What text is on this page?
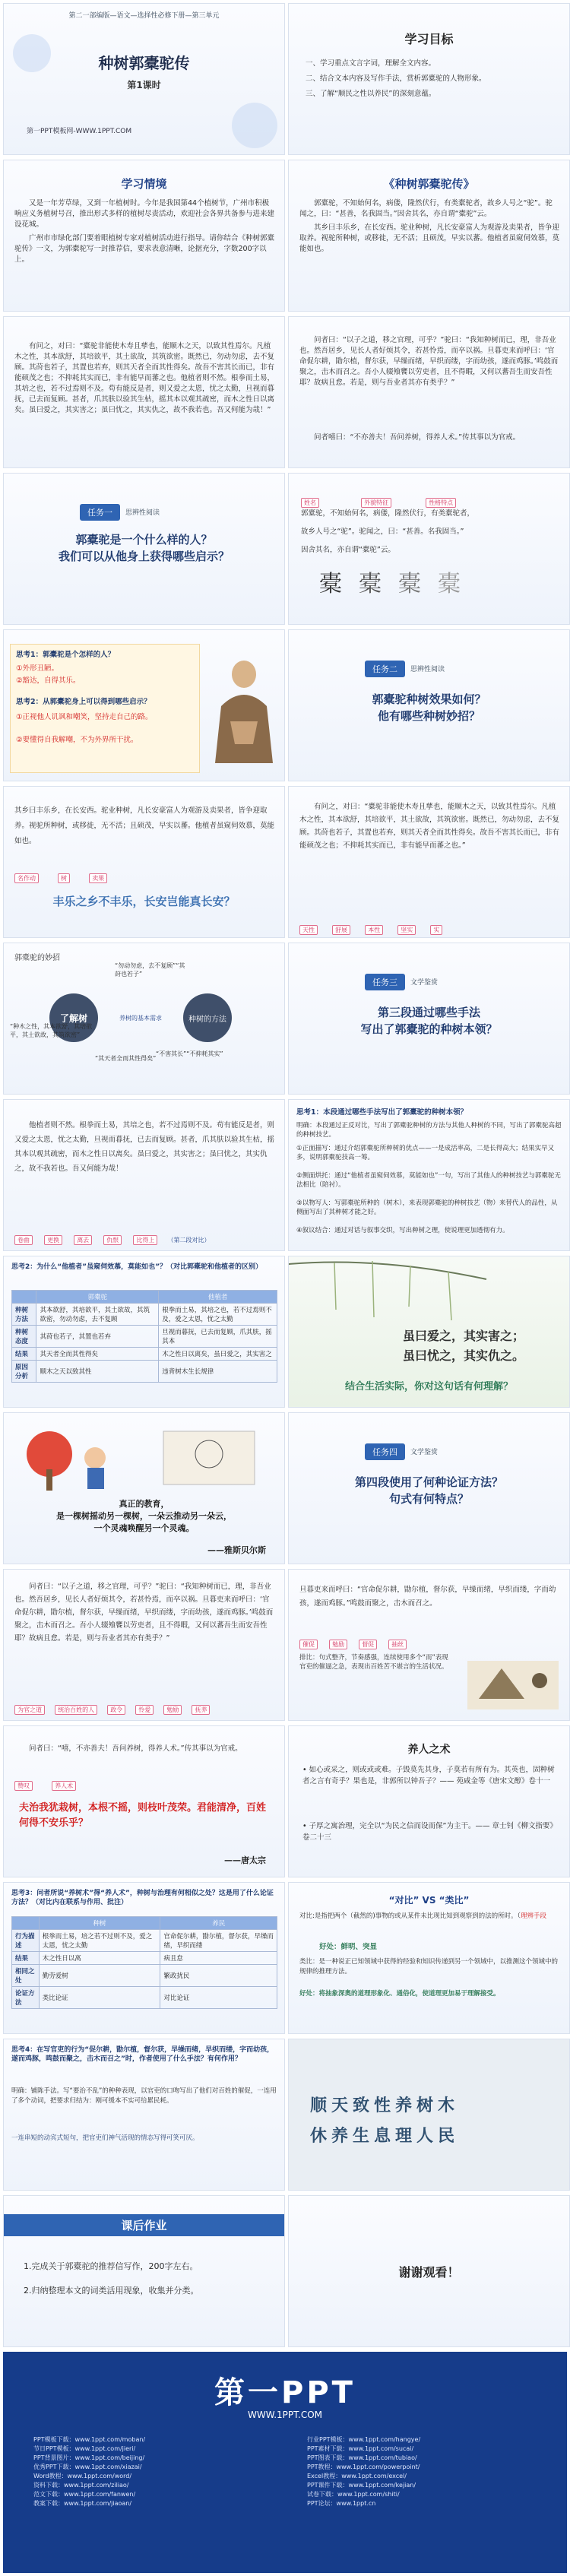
第二一部编版—语文—选择性必修下册—第三单元
种树郭橐驼传
第1课时
第一PPT模板网-WWW.1PPT.COM
学习目标
一、学习重点文言字词，理解全文内容。
二、结合文本内容及写作手法，赏析郭橐驼的人物形象。
三、了解“顺民之性以养民”的深刻意蕴。
学习情境
又是一年芳草绿，又到一年植树时。今年是我国第44个植树节，广州市积极响应义务植树号召，推出形式多样的植树尽责活动，欢迎社会各界共备参与进来建设花城。
广州市市绿化部门要着眼植树专家对植树活动进行指导。请你结合《种树郭橐驼传》一文，为郭橐驼写一封推荐信，要求表意清晰，论据充分，字数200字以上。
《种树郭橐驼传》
郭橐驼，不知始何名，病偻，隆然伏行，有类橐驼者，故乡人号之“驼”。驼闻之，曰：“甚善，名我固当。”因舍其名，亦自谓“橐驼”云。
其乡曰丰乐乡，在长安西。驼业种树，凡长安豪富人为观游及卖果者，皆争迎取养。视驼所种树，或移徙，无不活；且硕茂，早实以蕃。他植者虽窥伺效慕，莫能如也。
有问之，对曰：“橐驼非能使木寿且孳也，能顺木之天，以致其性焉尔。凡植木之性，其本欲舒，其培欲平，其土欲故，其筑欲密。既然已，勿动勿虑，去不复顾。其莳也若子，其置也若弃，则其天者全而其性得矣。故吾不害其长而已，非有能硕茂之也；不抑耗其实而已，非有能早而蕃之也。他植者则不然。根拳而土易，其培之也，若不过焉则不及。苟有能反是者，则又爱之太恩，忧之太勤，旦视而暮抚，已去而复顾。甚者，爪其肤以验其生枯，摇其本以观其疏密，而木之性日以离矣。虽曰爱之，其实害之；虽曰忧之，其实仇之，故不我若也。吾又何能为哉！”
问者曰：“以子之道，移之官理，可乎？”驼曰：“我知种树而已，理，非吾业也。然吾居乡，见长人者好烦其令，若甚怜焉，而卒以祸。旦暮吏来而呼曰：‘官命促尔耕，勖尔植，督尔获，早缲而绪，早织而缕，字而幼孩，遂而鸡豚。’鸣鼓而聚之，击木而召之。吾小人辍飧饔以劳吏者，且不得暇，又何以蕃吾生而安吾性耶？故病且怠。若是，则与吾业者其亦有类乎？”
问者嘻曰：“不亦善夫！吾问养树，得养人术。”传其事以为官戒。
任务一	思辨性阅读
郭橐驼是一个什么样的人？
我们可以从他身上获得哪些启示？
姓名	外貌特征	性格特点
郭橐驼，不知始何名，病偻，隆然伏行，有类橐驼者，
故乡人号之“驼”。驼闻之，曰：“甚善。名我固当。”
因舍其名，亦自谓“橐驼”云。
橐 橐 橐 橐
思考1：郭橐驼是个怎样的人？
①外形丑陋。
②豁达，自得其乐。
思考2：从郭橐驼身上可以得到哪些启示？
①正视他人讥讽和嘲笑，坚持走自己的路。
②要懂得自我解嘲，不为外界所干扰。
任务二	思辨性阅读
郭橐驼种树效果如何？
他有哪些种树妙招？
其乡曰丰乐乡，在长安西。驼业种树，凡长安豪富人为观游及卖果者，皆争迎取养。视驼所种树，或移徙，无不活；且硕茂，早实以蕃。他植者虽窥伺效慕，莫能如也。
名作动	树	卖果
丰乐之乡不丰乐，长安岂能真长安？
有问之，对曰：“橐驼非能使木寿且孳也，能顺木之天，以致其性焉尔。凡植木之性，其本欲舒，其培欲平，其土欲故，其筑欲密。既然已，勿动勿虑，去不复顾。其莳也若子，其置也若弃，则其天者全而其性得矣。故吾不害其长而已，非有能硕茂之也；不抑耗其实而已，非有能早而蕃之也。”
天性	舒展	本性	坚实	实
郭橐驼的妙招
了解树	种树的方法
“种木之性，其本欲舒，其培欲平，其土欲故，其筑欲密”
“勿动勿虑，去不复顾”“其莳也若子”
养树的基本需求
“不害其长”“不抑耗其实”
“其天者全而其性得矣”
任务三	文学鉴赏
第三段通过哪些手法
写出了郭橐驼的种树本领？
他植者则不然。根拳而土易，其培之也，若不过焉则不及。苟有能反是者，则又爱之太恩，忧之太勤，旦视而暮抚，已去而复顾。甚者，爪其肤以验其生枯，摇其本以观其疏密，而木之性日以离矣。虽曰爱之，其实害之；虽曰忧之，其实仇之，故不我若也。吾又何能为哉！
卷曲	更换	离去	仇恨	比得上 （第二段对比）
思考1：本段通过哪些手法写出了郭橐驼的种树本领？
明确：本段通过正反对比，写出了郭橐驼种树的方法与其他人种树的不同，写出了郭橐驼高超的种树技艺。
①正面描写：通过介绍郭橐驼所种树的优点——一是成活率高，二是长得高大；结果实早又多，说明郭橐驼技高一筹。
②侧面烘托：通过“他植者虽窥伺效慕，莫能如也”一句，写出了其他人的种树技艺与郭橐驼无法相比（陪衬）。
③以物写人：写郭橐驼所种的（树木），来表现郭橐驼的种树技艺（物）来替代人的品性，从侧面写出了其种树才能之好。
④叙议结合：通过对话与叙事交织，写出种树之理，使说理更加透彻有力。
思考2：为什么“他植者”虽窥伺效慕，莫能如也”？（对比郭橐驼和他植者的区别）
	郭橐驼	他植者
种树方法	其本欲舒，其培欲平，其土欲故，其筑欲密，勿动勿虑，去不复顾	根拳而土易，其培之也，若不过焉则不及，爱之太恩，忧之太勤
种树态度	其莳也若子，其置也若弃	旦视而暮抚，已去而复顾，爪其肤，摇其本
结果	其天者全而其性得矣	木之性日以离矣，虽曰爱之，其实害之
原因分析	顺木之天以致其性	违背树木生长规律
虽曰爱之，其实害之；
虽曰忧之，其实仇之。
结合生活实际，你对这句话有何理解？
真正的教育，
是一棵树摇动另一棵树，一朵云推动另一朵云，
一个灵魂唤醒另一个灵魂。
——雅斯贝尔斯
任务四	文学鉴赏
第四段使用了何种论证方法？
句式有何特点？
问者曰：“以子之道，移之官理，可乎？”驼曰：“我知种树而已，理，非吾业也。然吾居乡，见长人者好烦其令，若甚怜焉，而卒以祸。旦暮吏来而呼曰：‘官命促尔耕，勖尔植，督尔获，早缲而绪，早织而缕，字而幼孩，遂而鸡豚。’鸣鼓而聚之，击木而召之。吾小人辍飧饔以劳吏者，且不得暇，又何以蕃吾生而安吾性耶？故病且怠。若是，则与吾业者其亦有类乎？”
为官之道	统治百姓的人	政令	怜爱	勉励	抚养
旦暮吏来而呼曰：“官命促尔耕，勖尔植，督尔获，早缲而绪，早织而缕，字而幼孩，遂而鸡豚。”鸣鼓而聚之，击木而召之。
催促	勉励	督促	抽丝
排比：句式整齐，节奏感强，连续使用多个“而”表现官吏的催逼之急，表现出百姓苦不堪言的生活状况。
问者曰：“嘻，不亦善夫！吾问养树，得养人术。”传其事以为官戒。
赞叹	养人术
夫治我犹栽树，本根不摇，则枝叶茂荣。君能清净，百姓何得不安乐乎？
——唐太宗
养人之术
• 如心或采之，则或或或难。子毁莫先其身，子莫若有所有为。其英也，固种树者之言有奇乎？果也是，非郭所以钟吾子？—— 苑咸金等《唐宋文醇》卷十一
• 子厚之寓治理，完全以“为民之信而设而保”为主干。—— 章士钊《柳文指要》卷二十三
思考3：问者所说“养树术”得“养人术”，种树与治理有何相似之处？这是用了什么论证方法？（对比内在联系与作用、批注）
	种树	养民
行为描述	根拳而土易，培之若不过则不及，爱之太恩，忧之太勤	官命促尔耕，勖尔植，督尔获，早缲而绪，早织而缕
结果	木之性日以离	病且怠
相同之处	勤劳爱树	繁政扰民
论证方法	类比论证	对比论证
“对比” VS “类比”
对比:是指把两个（截然的)事物的或从某件未比现比知到观察到的法的所时。（理辨手段
好处：鲜明、突显
类比：是一种说正已知领域中获得的经验和知识传递到另一个领域中，以推测这个领域中的规律的推理方法。
好处：将抽象深奥的道理形象化、通俗化，使道理更加易于理解接受。
思考4：在写官吏的行为“促尔耕，勖尔植，督尔获，早缲而绪，早织而缕，字而幼孩，遂而鸡豚，鸣鼓而聚之，击木而召之”时，作者使用了什么手法？有何作用？
明确：铺陈手法。写“要治不乱”的种种表现，以官吏的口吻写出了他们对百姓的催促，一连用了多个动词，把要求归结为：刚可缓本不实可给累民耗。
一连串短的动宾式短句，把官吏们神气活现的情态写得可笑可厌。
顺天致性养树木
休养生息理人民
课后作业
1.完成关于郭橐驼的推荐信写作，200字左右。
2.归纳整理本文的词类活用现象，收集并分类。
谢谢观看！
第一PPT
WWW.1PPT.COM
PPT模板下载：www.1ppt.com/moban/
节日PPT模板：www.1ppt.com/jieri/
PPT背景图片：www.1ppt.com/beijing/
优秀PPT下载：www.1ppt.com/xiazai/
Word教程：www.1ppt.com/word/
资料下载：www.1ppt.com/ziliao/
范文下载：www.1ppt.com/fanwen/
教案下载：www.1ppt.com/jiaoan/
行业PPT模板：www.1ppt.com/hangye/
PPT素材下载：www.1ppt.com/sucai/
PPT图表下载：www.1ppt.com/tubiao/
PPT教程：www.1ppt.com/powerpoint/
Excel教程：www.1ppt.com/excel/
PPT课件下载：www.1ppt.com/kejian/
试卷下载：www.1ppt.com/shiti/
PPT论坛：www.1ppt.cn
